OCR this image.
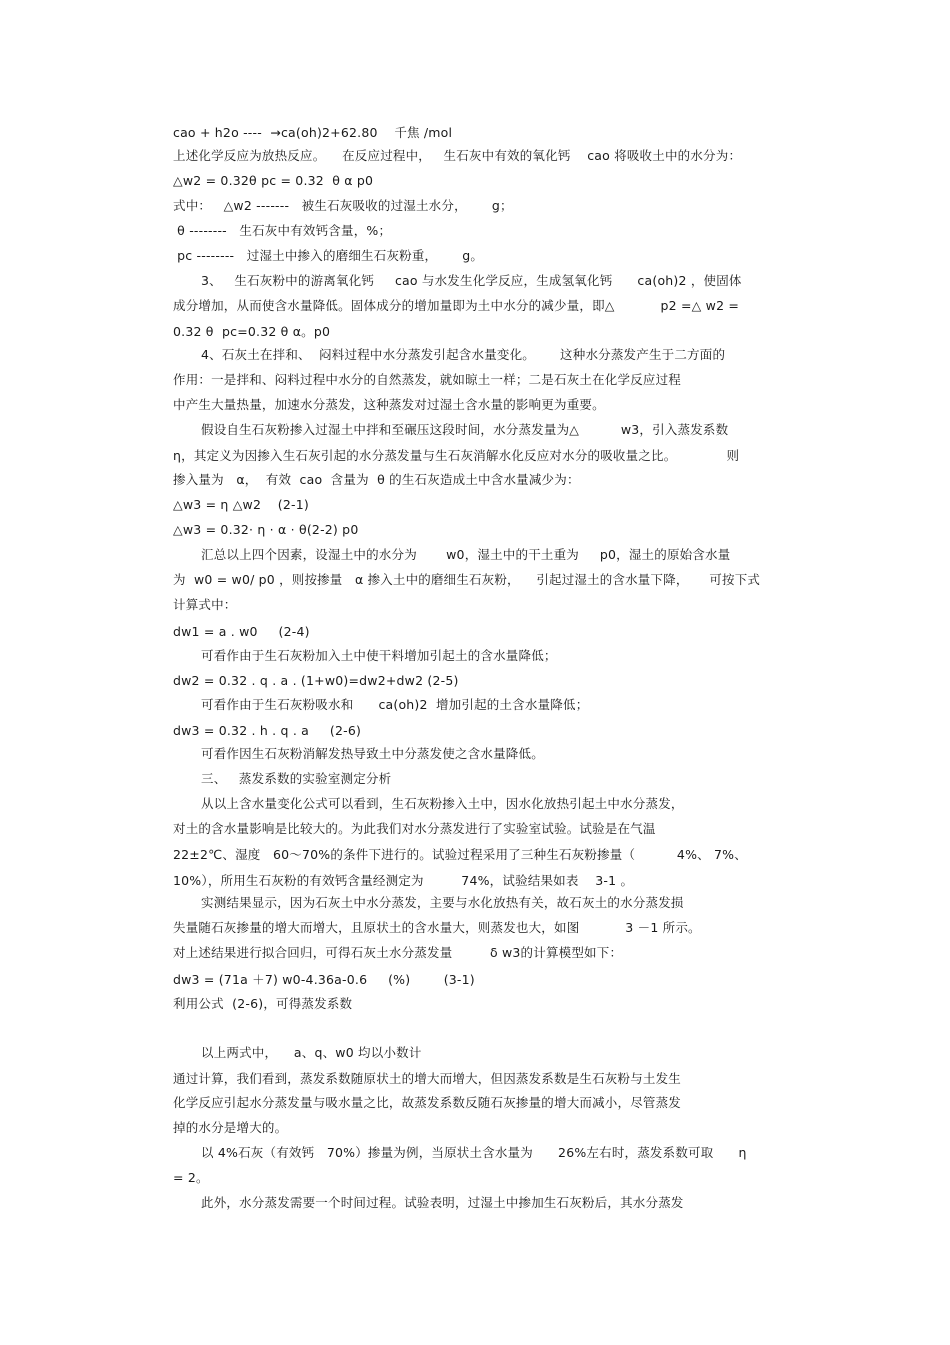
cao + h2o ----  →ca(oh)2+62.80    千焦 /mol
上述化学反应为放热反应。    在反应过程中，   生石灰中有效的氧化钙    cao 将吸收土中的水分为：
△w2 = 0.32θ pc = 0.32  θ α p0
式中：   △w2 -------   被生石灰吸收的过湿土水分，      g；
θ --------   生石灰中有效钙含量，%；
pc --------   过湿土中掺入的磨细生石灰粉重，      g。
3、   生石灰粉中的游离氧化钙     cao 与水发生化学反应，生成氢氧化钙      ca(oh)2 ，使固体
成分增加，从而使含水量降低。固体成分的增加量即为土中水分的减少量，即△           p2 =△ w2 =
0.32 θ  pc=0.32 θ α。p0
4、石灰土在拌和、  闷料过程中水分蒸发引起含水量变化。      这种水分蒸发产生于二方面的
作用：一是拌和、闷料过程中水分的自然蒸发，就如晾土一样；二是石灰土在化学反应过程
中产生大量热量，加速水分蒸发，这种蒸发对过湿土含水量的影响更为重要。
假设自生石灰粉掺入过湿土中拌和至碾压这段时间，水分蒸发量为△          w3，引入蒸发系数
η，其定义为因掺入生石灰引起的水分蒸发量与生石灰消解水化反应对水分的吸收量之比。            则
掺入量为   α，  有效  cao  含量为  θ 的生石灰造成土中含水量减少为：
△w3 = η △w2    (2-1)
△w3 = 0.32· η · α · θ(2-2) p0
汇总以上四个因素，设湿土中的水分为       w0，湿土中的干土重为     p0，湿土的原始含水量
为  w0 = w0/ p0 ，则按掺量   α 掺入土中的磨细生石灰粉，    引起过湿土的含水量下降，     可按下式
计算式中：
dw1 = a . w0     (2-4)
可看作由于生石灰粉加入土中使干料增加引起土的含水量降低；
dw2 = 0.32 . q . a . (1+w0)=dw2+dw2 (2-5)
可看作由于生石灰粉吸水和      ca(oh)2  增加引起的土含水量降低；
dw3 = 0.32 . h . q . a     (2-6)
可看作因生石灰粉消解发热导致土中分蒸发使之含水量降低。
三、   蒸发系数的实验室测定分析
从以上含水量变化公式可以看到，生石灰粉掺入土中，因水化放热引起土中水分蒸发，
对土的含水量影响是比较大的。为此我们对水分蒸发进行了实验室试验。试验是在气温
22±2℃、湿度   60～70%的条件下进行的。试验过程采用了三种生石灰粉掺量（          4%、 7%、
10%），所用生石灰粉的有效钙含量经测定为         74%，试验结果如表    3-1 。
实测结果显示，因为石灰土中水分蒸发，主要与水化放热有关，故石灰土的水分蒸发损
失量随石灰掺量的增大而增大，且原状土的含水量大，则蒸发也大，如图           3 －1 所示。
对上述结果进行拟合回归，可得石灰土水分蒸发量         δ w3的计算模型如下：
dw3 = (71a ＋7) w0-4.36a-0.6     (%)        (3-1)
利用公式  (2-6)，可得蒸发系数
以上两式中，    a、q、w0 均以小数计
通过计算，我们看到，蒸发系数随原状土的增大而增大，但因蒸发系数是生石灰粉与土发生
化学反应引起水分蒸发量与吸水量之比，故蒸发系数反随石灰掺量的增大而减小，尽管蒸发
掉的水分是增大的。
以 4%石灰（有效钙   70%）掺量为例，当原状土含水量为      26%左右时，蒸发系数可取      η
= 2。
此外，水分蒸发需要一个时间过程。试验表明，过湿土中掺加生石灰粉后，其水分蒸发
